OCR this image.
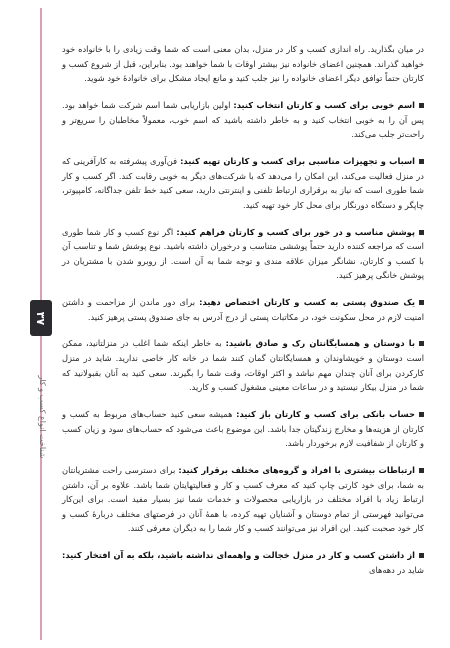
۳۷
شناخت انواع کسب و کار

در میان بگذارید. راه اندازی کسب و کار در منزل، بدان معنی است که شما وقت زیادی را با خانواده خود خواهید گذراند. همچنین اعضای خانواده نیز بیشتر اوقات با شما خواهند بود. بنابراین، قبل از شروع کسب و کارتان حتماً توافق دیگر اعضای خانواده را نیز جلب کنید و مانع ایجاد مشکل برای خانوادهٔ خود شوید.

اسم خوبی برای کسب و کارتان انتخاب کنید: اولین بازاریابی شما اسم شرکت شما خواهد بود. پس آن را به خوبی انتخاب کنید و به خاطر داشته باشید که اسم خوب، معمولاً مخاطبان را سریع‌تر و راحت‌تر جلب می‌کند.

اسباب و تجهیزات مناسبی برای کسب و کارتان تهیه کنید: فن‌آوری پیشرفته به کارآفرینی که در منزل فعالیت می‌کند، این امکان را می‌دهد که با شرکت‌های دیگر به خوبی رقابت کند. اگر کسب و کار شما طوری است که نیاز به برقراری ارتباط تلفنی و اینترنتی دارید، سعی کنید خط تلفن جداگانه، کامپیوتر، چاپگر و دستگاه دورنگار برای محل کار خود تهیه کنید.

پوشش مناسب و در خور برای کسب و کارتان فراهم کنید: اگر نوع کسب و کار شما طوری است که مراجعه کننده دارید حتماً پوششی متناسب و درخوران داشته باشید. نوع پوشش شما و تناسب آن با کسب و کارتان، نشانگر میزان علاقه مندی و توجه شما به آن است. از روبرو شدن با مشتریان در پوشش خانگی پرهیز کنید.

یک صندوق پستی به کسب و کارتان اختصاص دهید: برای دور ماندن از مزاحمت و داشتن امنیت لازم در محل سکونت خود، در مکاتبات پستی از درج آدرس به جای صندوق پستی پرهیز کنید.

با دوستان و همسایگانتان رک و صادق باشید: به خاطر اینکه شما اغلب در منزلتانید، ممکن است دوستان و خویشاوندان و همسایگانتان گمان کنند شما در خانه کار خاصی ندارید. شاید در منزل کارکردن برای آنان چندان مهم نباشد و اکثر اوقات، وقت شما را بگیرند. سعی کنید به آنان بقبولانید که شما در منزل بیکار نیستید و در ساعات معینی مشغول کسب و کارید.

حساب بانکی برای کسب و کارتان باز کنید: همیشه سعی کنید حساب‌های مربوط به کسب و کارتان از هزینه‌ها و مخارج زندگیتان جدا باشد. این موضوع باعث می‌شود که حساب‌های سود و زیان کسب و کارتان از شفافیت لازم برخوردار باشد.

ارتباطات بیشتری با افراد و گروه‌های مختلف برقرار کنید: برای دسترسی راحت مشتریانتان به شما، برای خود کارتی چاپ کنید که معرف کسب و کار و فعالیتهایتان شما باشد. علاوه بر آن، داشتن ارتباط زیاد با افراد مختلف در بازاریابی محصولات و خدمات شما نیز بسیار مفید است. برای این‌کار می‌توانید فهرستی از تمام دوستان و آشنایان تهیه کرده، با همهٔ آنان در فرصتهای مختلف دربارهٔ کسب و کار خود صحبت کنید. این افراد نیز می‌توانند کسب و کار شما را به دیگران معرفی کنند.

از داشتن کسب و کار در منزل خجالت و واهمه‌ای نداشته باشید، بلکه به آن افتخار کنید: شاید در دهه‌های
